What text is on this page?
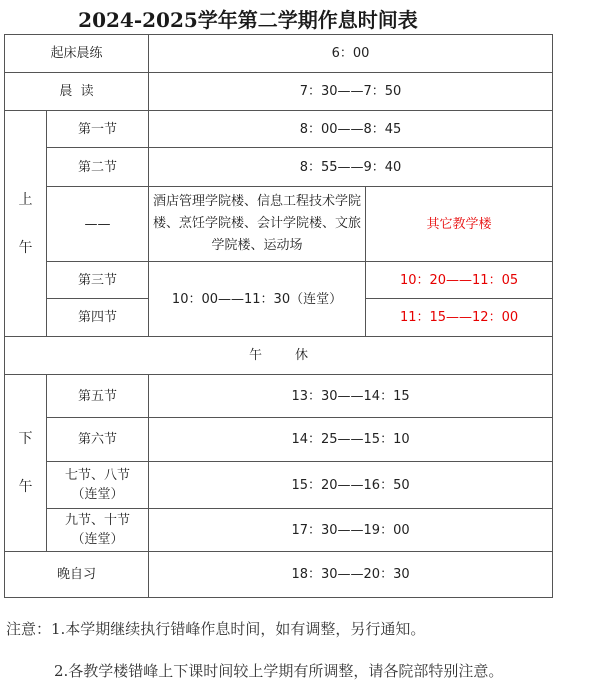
2024-2025学年第二学期作息时间表
起床晨练		6：00	
晨  读		7：30——7：50	

上
午	第一节	8：00——8：45	
	第二节	8：55——9：40	
	——	酒店管理学院楼、信息工程技术学院楼、烹饪学院楼、会计学院楼、文旅学院楼、运动场	其它教学楼
	第三节	10：00——11：30（连堂）	10：20——11：05
	第四节		11：15——12：00
午        休			

下
午	第五节	13：30——14：15	
	第六节	14：25——15：10	

	七节、八节
（连堂）	15：20——16：50	

	九节、十节
（连堂）	17：30——19：00	
晚自习		18：30——20：30	
注意：1.本学期继续执行错峰作息时间，如有调整，另行通知。
2.各教学楼错峰上下课时间较上学期有所调整，请各院部特别注意。
